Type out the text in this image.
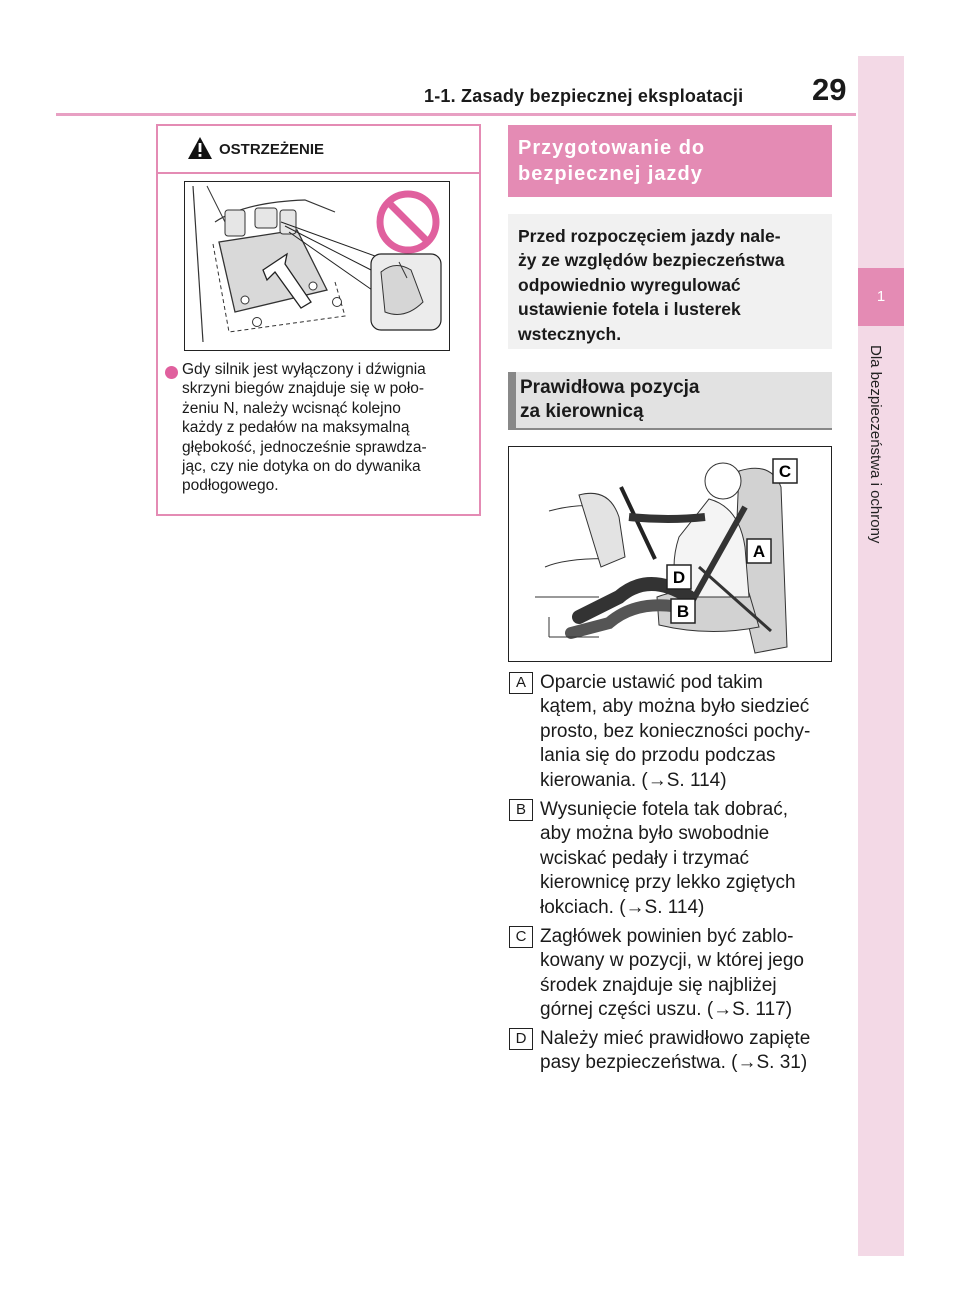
1-1. Zasady bezpiecznej eksploatacji 29
1
Dla bezpieczeństwa i ochrony
OSTRZEŻENIE
Gdy silnik jest wyłączony i dźwignia
skrzyni biegów znajduje się w poło-
żeniu N, należy wcisnąć kolejno
każdy z pedałów na maksymalną
głębokość, jednocześnie sprawdza-
jąc, czy nie dotyka on do dywanika
podłogowego.
Przygotowanie do
bezpiecznej jazdy
Przed rozpoczęciem jazdy nale-
ży ze względów bezpieczeństwa
odpowiednio wyregulować
ustawienie fotela i lusterek
wstecznych.
Prawidłowa pozycja
za kierownicą
C
A
D
B
A Oparcie ustawić pod takim
kątem, aby można było siedzieć
prosto, bez konieczności pochy-
lania się do przodu podczas
kierowania. (→S. 114)
B Wysunięcie fotela tak dobrać,
aby można było swobodnie
wciskać pedały i trzymać
kierownicę przy lekko zgiętych
łokciach. (→S. 114)
C Zagłówek powinien być zablo-
kowany w pozycji, w której jego
środek znajduje się najbliżej
górnej części uszu. (→S. 117)
D Należy mieć prawidłowo zapięte
pasy bezpieczeństwa. (→S. 31)
